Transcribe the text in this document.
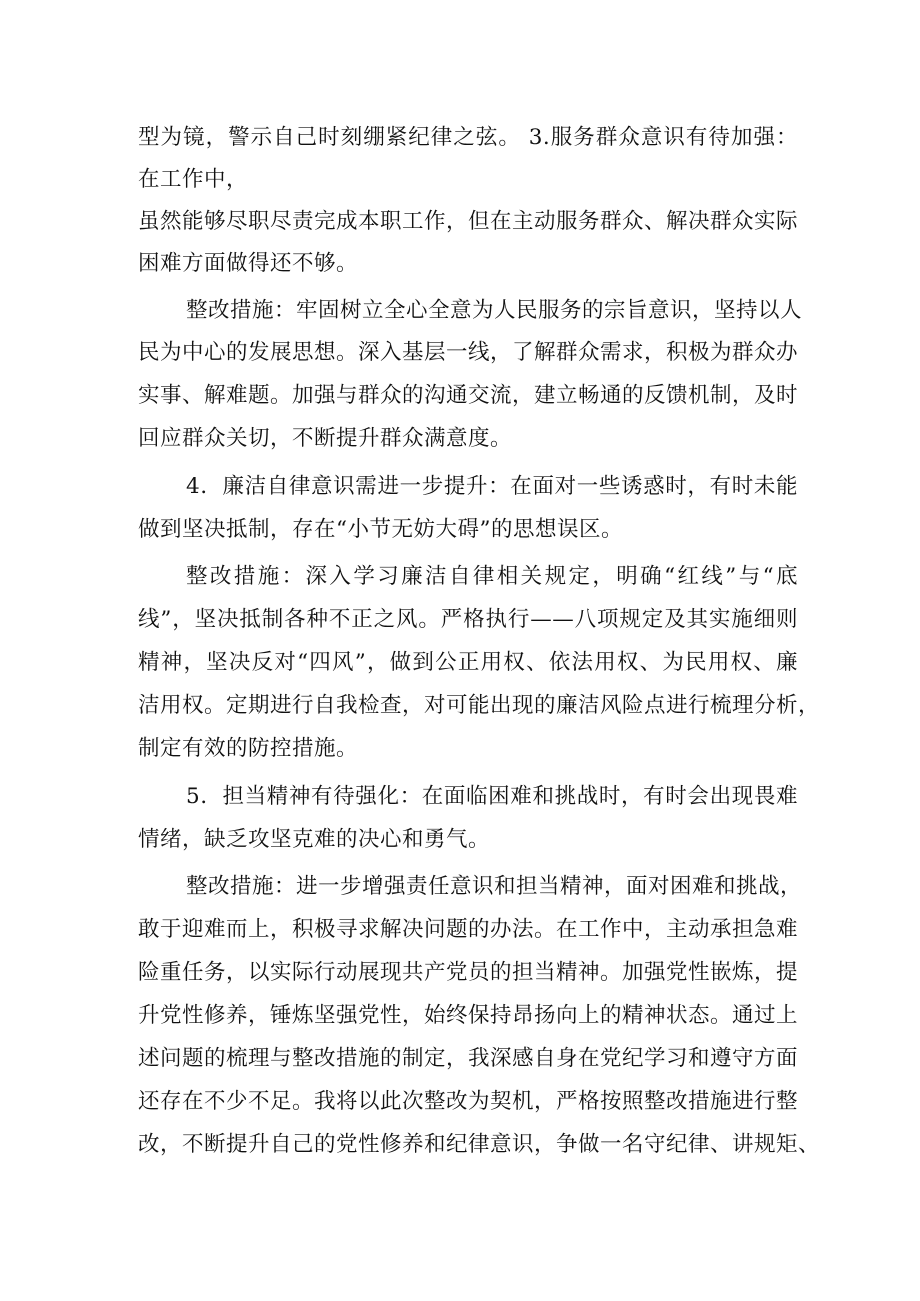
型为镜，警示自己时刻绷紧纪律之弦。 3.服务群众意识有待加强：
在工作中，
虽然能够尽职尽责完成本职工作，但在主动服务群众、解决群众实际
困难方面做得还不够。
整改措施：牢固树立全心全意为人民服务的宗旨意识，坚持以人
民为中心的发展思想。深入基层一线，了解群众需求，积极为群众办
实事、解难题。加强与群众的沟通交流，建立畅通的反馈机制，及时
回应群众关切，不断提升群众满意度。
4．廉洁自律意识需进一步提升：在面对一些诱惑时，有时未能
做到坚决抵制，存在“小节无妨大碍”的思想误区。
整改措施：深入学习廉洁自律相关规定，明确“红线”与“底
线”，坚决抵制各种不正之风。严格执行——八项规定及其实施细则
精神，坚决反对“四风”，做到公正用权、依法用权、为民用权、廉
洁用权。定期进行自我检查，对可能出现的廉洁风险点进行梳理分析，
制定有效的防控措施。
5．担当精神有待强化：在面临困难和挑战时，有时会出现畏难
情绪，缺乏攻坚克难的决心和勇气。
整改措施：进一步增强责任意识和担当精神，面对困难和挑战，
敢于迎难而上，积极寻求解决问题的办法。在工作中，主动承担急难
险重任务，以实际行动展现共产党员的担当精神。加强党性嵌炼，提
升党性修养，锤炼坚强党性，始终保持昂扬向上的精神状态。通过上
述问题的梳理与整改措施的制定，我深感自身在党纪学习和遵守方面
还存在不少不足。我将以此次整改为契机，严格按照整改措施进行整
改，不断提升自己的党性修养和纪律意识，争做一名守纪律、讲规矩、
